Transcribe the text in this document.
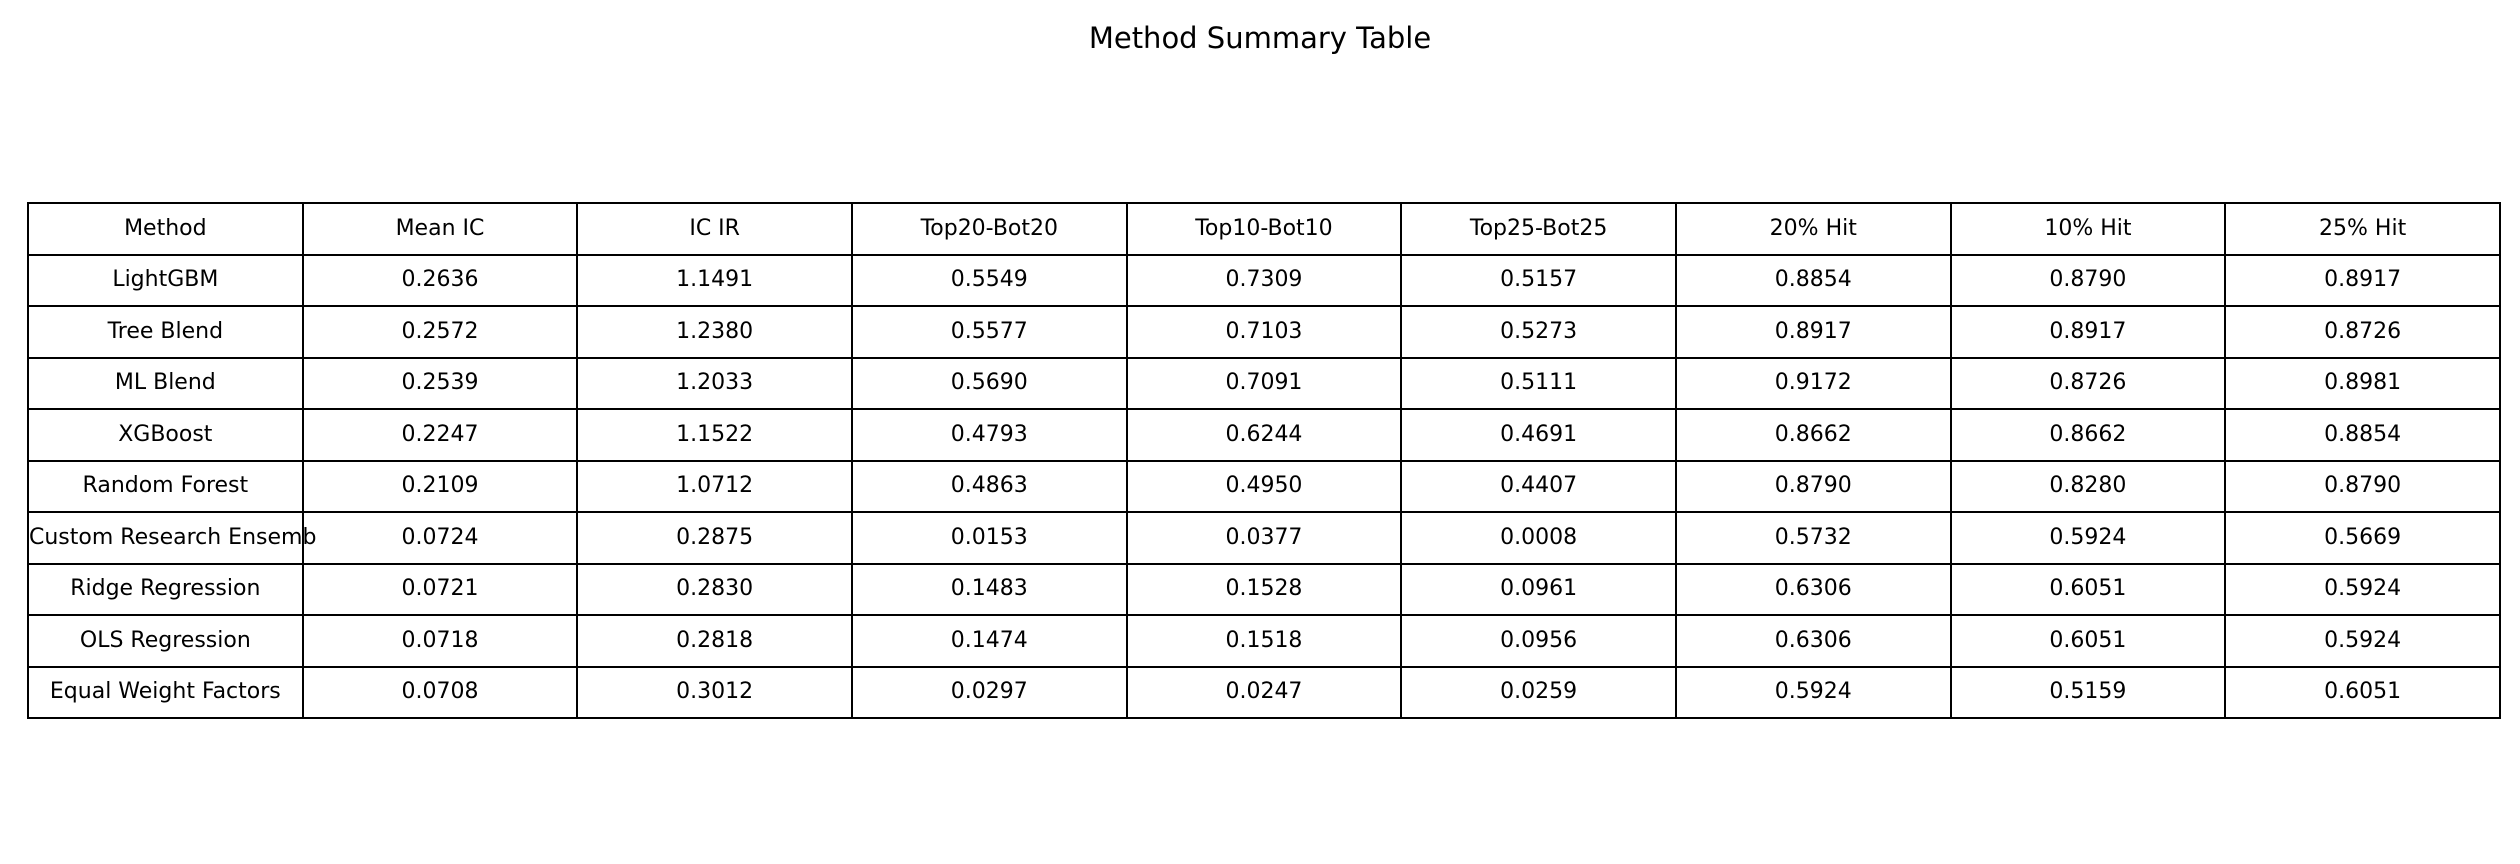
Method Summary Table
Method	Mean IC	IC IR	Top20-Bot20	Top10-Bot10	Top25-Bot25	20% Hit	10% Hit	25% Hit
LightGBM	0.2636	1.1491	0.5549	0.7309	0.5157	0.8854	0.8790	0.8917
Tree Blend	0.2572	1.2380	0.5577	0.7103	0.5273	0.8917	0.8917	0.8726
ML Blend	0.2539	1.2033	0.5690	0.7091	0.5111	0.9172	0.8726	0.8981
XGBoost	0.2247	1.1522	0.4793	0.6244	0.4691	0.8662	0.8662	0.8854
Random Forest	0.2109	1.0712	0.4863	0.4950	0.4407	0.8790	0.8280	0.8790
Custom Research Ensemb	0.0724	0.2875	0.0153	0.0377	0.0008	0.5732	0.5924	0.5669
Ridge Regression	0.0721	0.2830	0.1483	0.1528	0.0961	0.6306	0.6051	0.5924
OLS Regression	0.0718	0.2818	0.1474	0.1518	0.0956	0.6306	0.6051	0.5924
Equal Weight Factors	0.0708	0.3012	0.0297	0.0247	0.0259	0.5924	0.5159	0.6051
